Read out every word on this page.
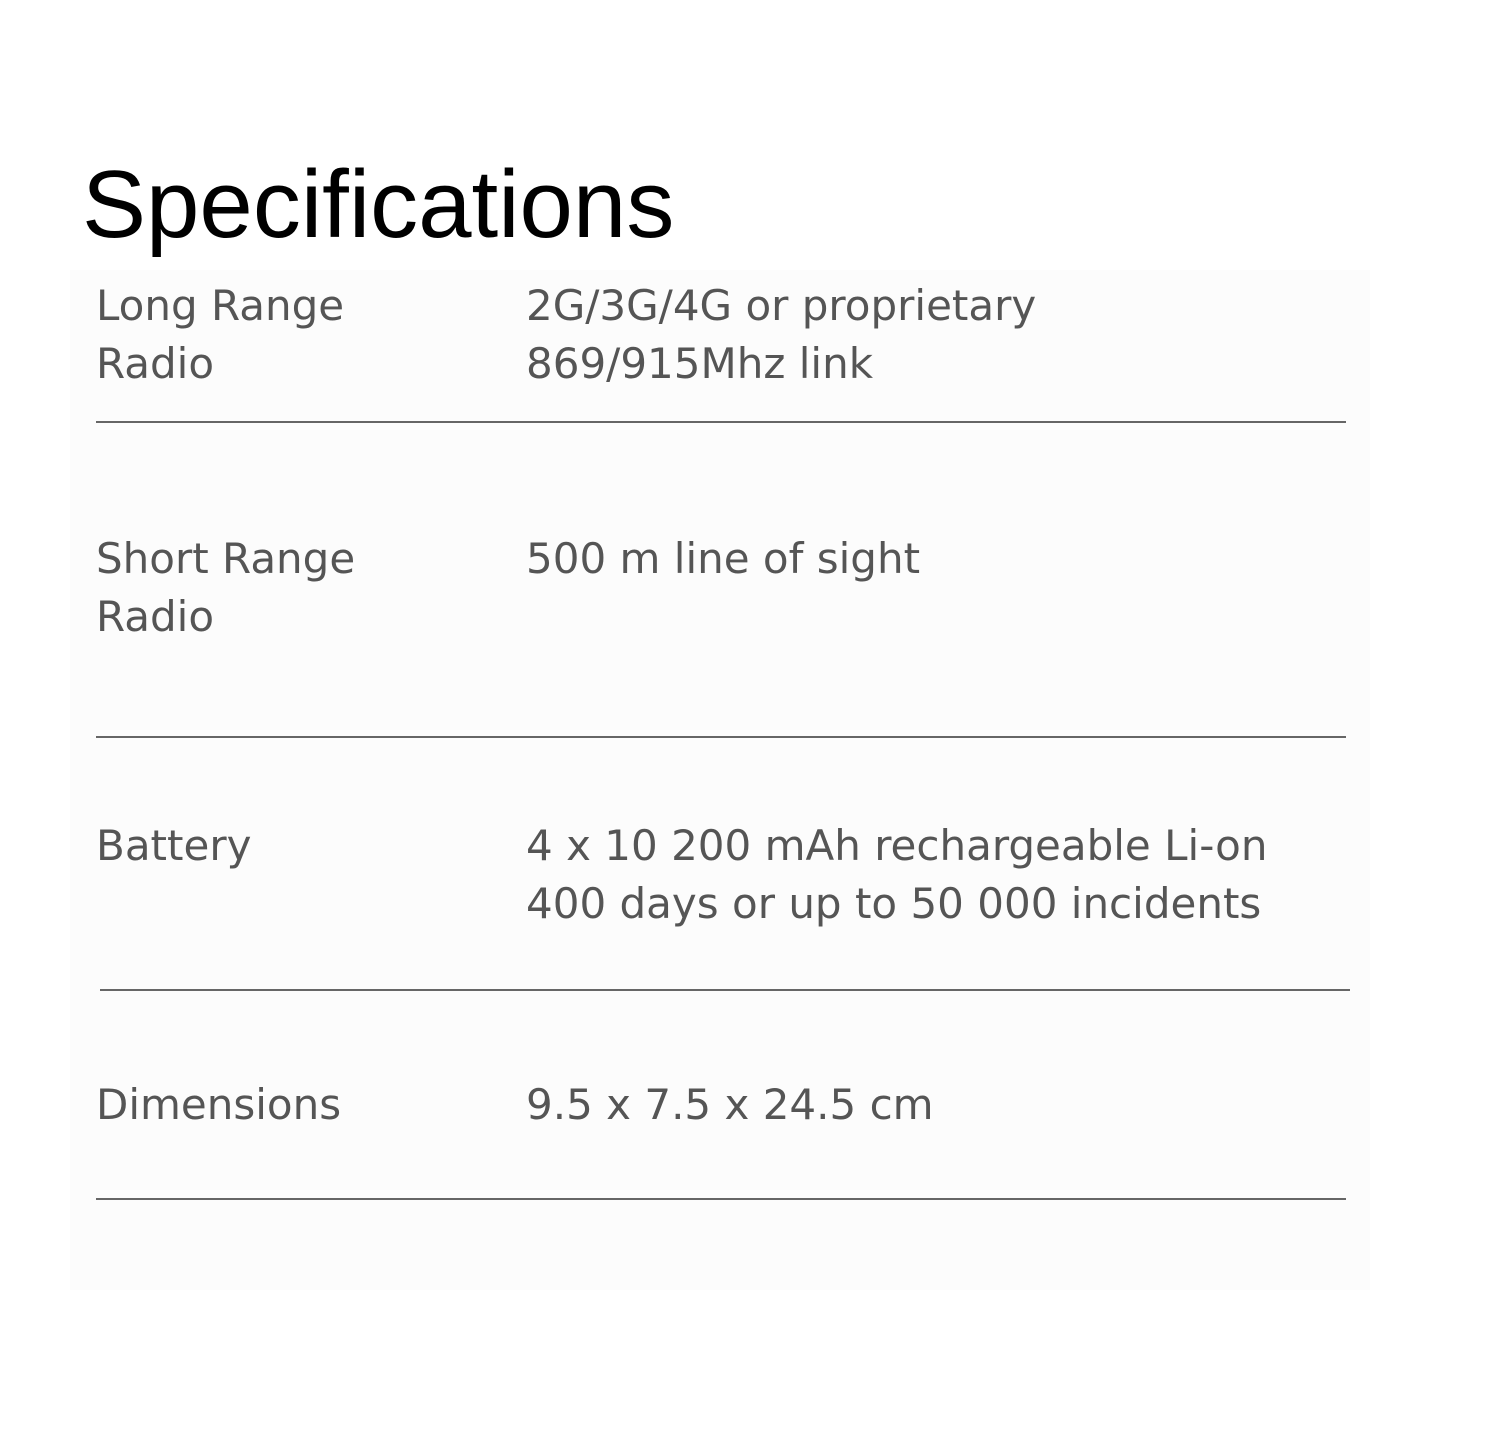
Specifications
Long Range
Radio
2G/3G/4G or proprietary
869/915Mhz link
Short Range
Radio
500 m line of sight
Battery	4 x 10 200 mAh rechargeable Li-on
400 days or up to 50 000 incidents
Dimensions	9.5 x 7.5 x 24.5 cm
